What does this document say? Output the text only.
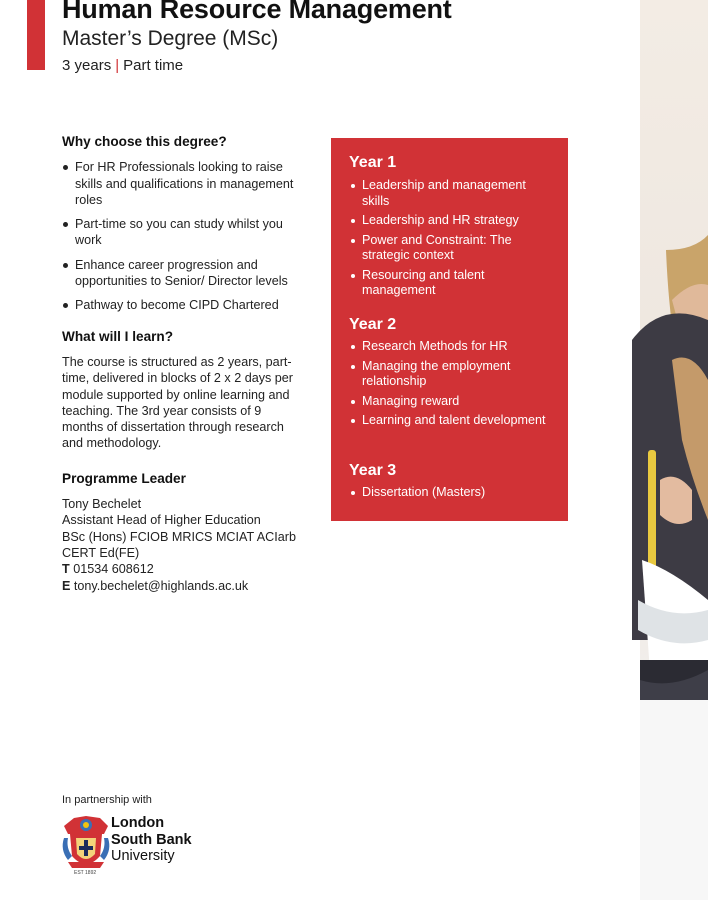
Human Resource Management
Master’s Degree (MSc)
3 years | Part time
Why choose this degree?
For HR Professionals looking to raise skills and qualifications in management roles
Part-time so you can study whilst you work
Enhance career progression and opportunities to Senior/ Director levels
Pathway to become CIPD Chartered
What will I learn?

The course is structured as 2 years, part-time, delivered in blocks of 2 x 2 days per module supported by online learning and teaching. The 3rd year consists of 9 months of dissertation through research and methodology.

Programme Leader

Tony Bechelet

Assistant Head of Higher Education

BSc (Hons) FCIOB MRICS MCIAT ACIarb CERT Ed(FE)

T 01534 608612

E tony.bechelet@highlands.ac.uk

Year 1
Leadership and management skills
Leadership and HR strategy
Power and Constraint: The strategic context
Resourcing and talent management
Year 2
Research Methods for HR
Managing the employment relationship
Managing reward
Learning and talent development
Year 3
Dissertation (Masters)
In partnership with
London
South Bank
University
EST 1892
